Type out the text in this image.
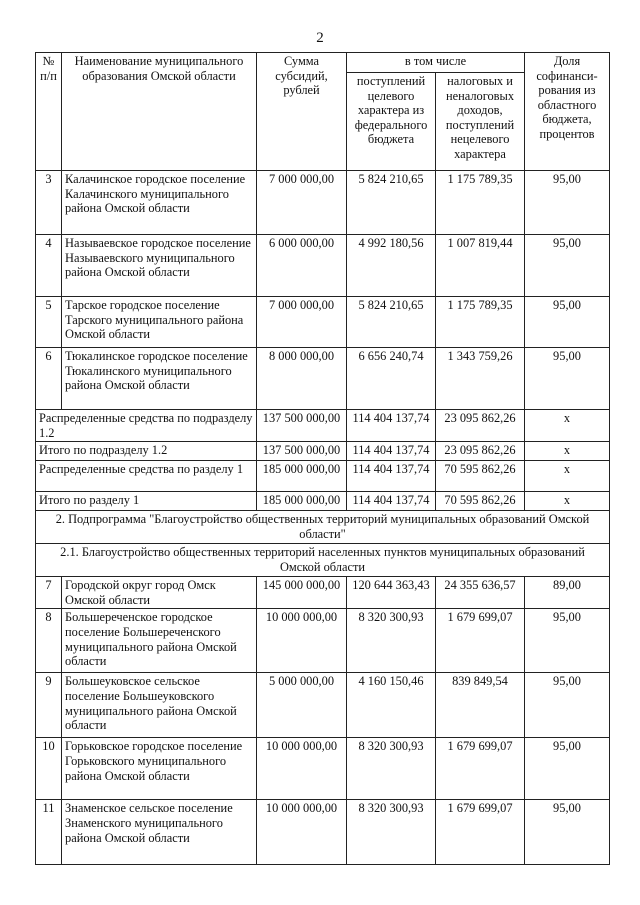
2
№ п/п	Наименование муниципального образования Омской области	Сумма субсидий, рублей	в том числе		Доля софинанси-рования из областного бюджета, процентов
			поступлений целевого характера из федерального бюджета	налоговых и неналоговых доходов, поступлений нецелевого характера	
3	Калачинское городское поселение Калачинского муниципального района Омской области	7 000 000,00	5 824 210,65	1 175 789,35	95,00
4	Называевское городское поселение Называевского муниципального района Омской области	6 000 000,00	4 992 180,56	1 007 819,44	95,00
5	Тарское городское поселение Тарского муниципального района Омской области	7 000 000,00	5 824 210,65	1 175 789,35	95,00
6	Тюкалинское городское поселение Тюкалинского муниципального района Омской области	8 000 000,00	6 656 240,74	1 343 759,26	95,00
Распределенные средства по подразделу 1.2		137 500 000,00	114 404 137,74	23 095 862,26	x
Итого по подразделу 1.2		137 500 000,00	114 404 137,74	23 095 862,26	x
Распределенные средства по разделу 1		185 000 000,00	114 404 137,74	70 595 862,26	x
Итого по разделу 1		185 000 000,00	114 404 137,74	70 595 862,26	x
2. Подпрограмма "Благоустройство общественных территорий муниципальных образований Омской области"					
2.1. Благоустройство общественных территорий населенных пунктов муниципальных образований Омской области					
7	Городской округ город Омск Омской области	145 000 000,00	120 644 363,43	24 355 636,57	89,00
8	Большереченское городское поселение Большереченского муниципального района Омской области	10 000 000,00	8 320 300,93	1 679 699,07	95,00
9	Большеуковское сельское поселение Большеуковского муниципального района Омской области	5 000 000,00	4 160 150,46	839 849,54	95,00
10	Горьковское городское поселение Горьковского муниципального района Омской области	10 000 000,00	8 320 300,93	1 679 699,07	95,00
11	Знаменское сельское поселение Знаменского муниципального района Омской области	10 000 000,00	8 320 300,93	1 679 699,07	95,00
